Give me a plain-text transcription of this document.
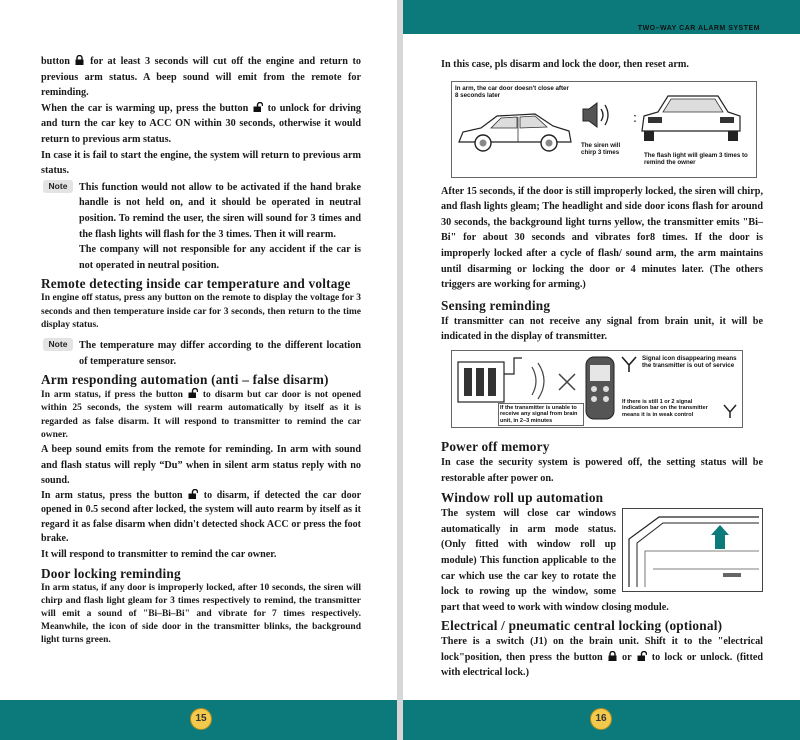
button for at least 3 seconds will cut off the engine and return to previous arm status. A beep sound will emit from the remote for reminding.

When the car is warming up, press the button to unlock for driving and turn the car key to ACC ON within 30 seconds, otherwise it would return to previous arm status.

In case it is fail to start the engine, the system will return to previous arm status.

Note	This function would not allow to be activated if the hand brake handle is not held on, and it should be operated in neutral position. To remind the user, the siren will sound for 3 times and the flash lights will flash for the 3 times. Then it will rearm.

The company will not responsible for any accident if the car is not operated in neutral position.

Remote detecting inside car temperature and voltage

In engine off status, press any button on the remote to display the voltage for 3 seconds and then temperature inside car for 3 seconds, then return to the time display status.

Note	The temperature may differ according to the different location of temperature sensor.

Arm responding automation (anti – false disarm)

In arm status, if press the button to disarm but car door is not opened within 25 seconds, the system will rearm automatically by itself as it is regarded as false disarm. It will respond to transmitter to remind the car owner.

A beep sound emits from the remote for reminding. In arm with sound and flash status will reply “Du” when in silent arm status reply with no sound.

In arm status, press the button to disarm, if detected the car door opened in 0.5 second after locked, the system will auto rearm by itself as it regard it as false disarm when didn't detected shock ACC or press the foot brake.

It will respond to transmitter to remind the car owner.

Door locking reminding

In arm status, if any door is improperly locked, after 10 seconds, the siren will chirp and flash light gleam for 3 times respectively to remind, the transmitter will emit a sound of "Bi–Bi–Bi" and vibrate for 7 times respectively. Meanwhile, the icon of side door in the transmitter blinks, the background light turns green.

15
TWO–WAY CAR ALARM SYSTEM

In this case, pls disarm and lock the door, then reset arm.

In arm, the car door doesn't close after 8 seconds later
The siren will chirp 3 times	The flash light will gleam 3 times to remind the owner

After 15 seconds, if the door is still improperly locked, the siren will chirp, and flash lights gleam; The headlight and side door icons flash for around 30 seconds, the background light turns yellow, the transmitter emits "Bi–Bi" for about 30 seconds and vibrates for8 times. If the door is improperly locked after a cycle of flash/ sound arm, the arm maintains until disarming or locking the door or 4 minutes later. (The others triggers are working for arming.)

Sensing reminding

If transmitter can not receive any signal from brain unit, it will be indicated in the display of transmitter.

Signal icon disappearing means the transmitter is out of service
If the transmitter is unable to receive any signal from brain unit, in 2–3 minutes
If there is still 1 or 2 signal indication bar on the transmitter means it is in weak control
Power off memory

In case the security system is powered off, the setting status will be restorable after power on.

Window roll up automation

The system will close car windows automatically in arm mode status. (Only fitted with window roll up module) This function applicable to the car which use the car key to rotate the lock to rowing up the window, some part that weed to work with window closing module.

Electrical / pneumatic central locking (optional)

There is a switch (J1) on the brain unit. Shift it to the "electrical lock"position, then press the button or to lock or unlock. (fitted with electrical lock.)

16
